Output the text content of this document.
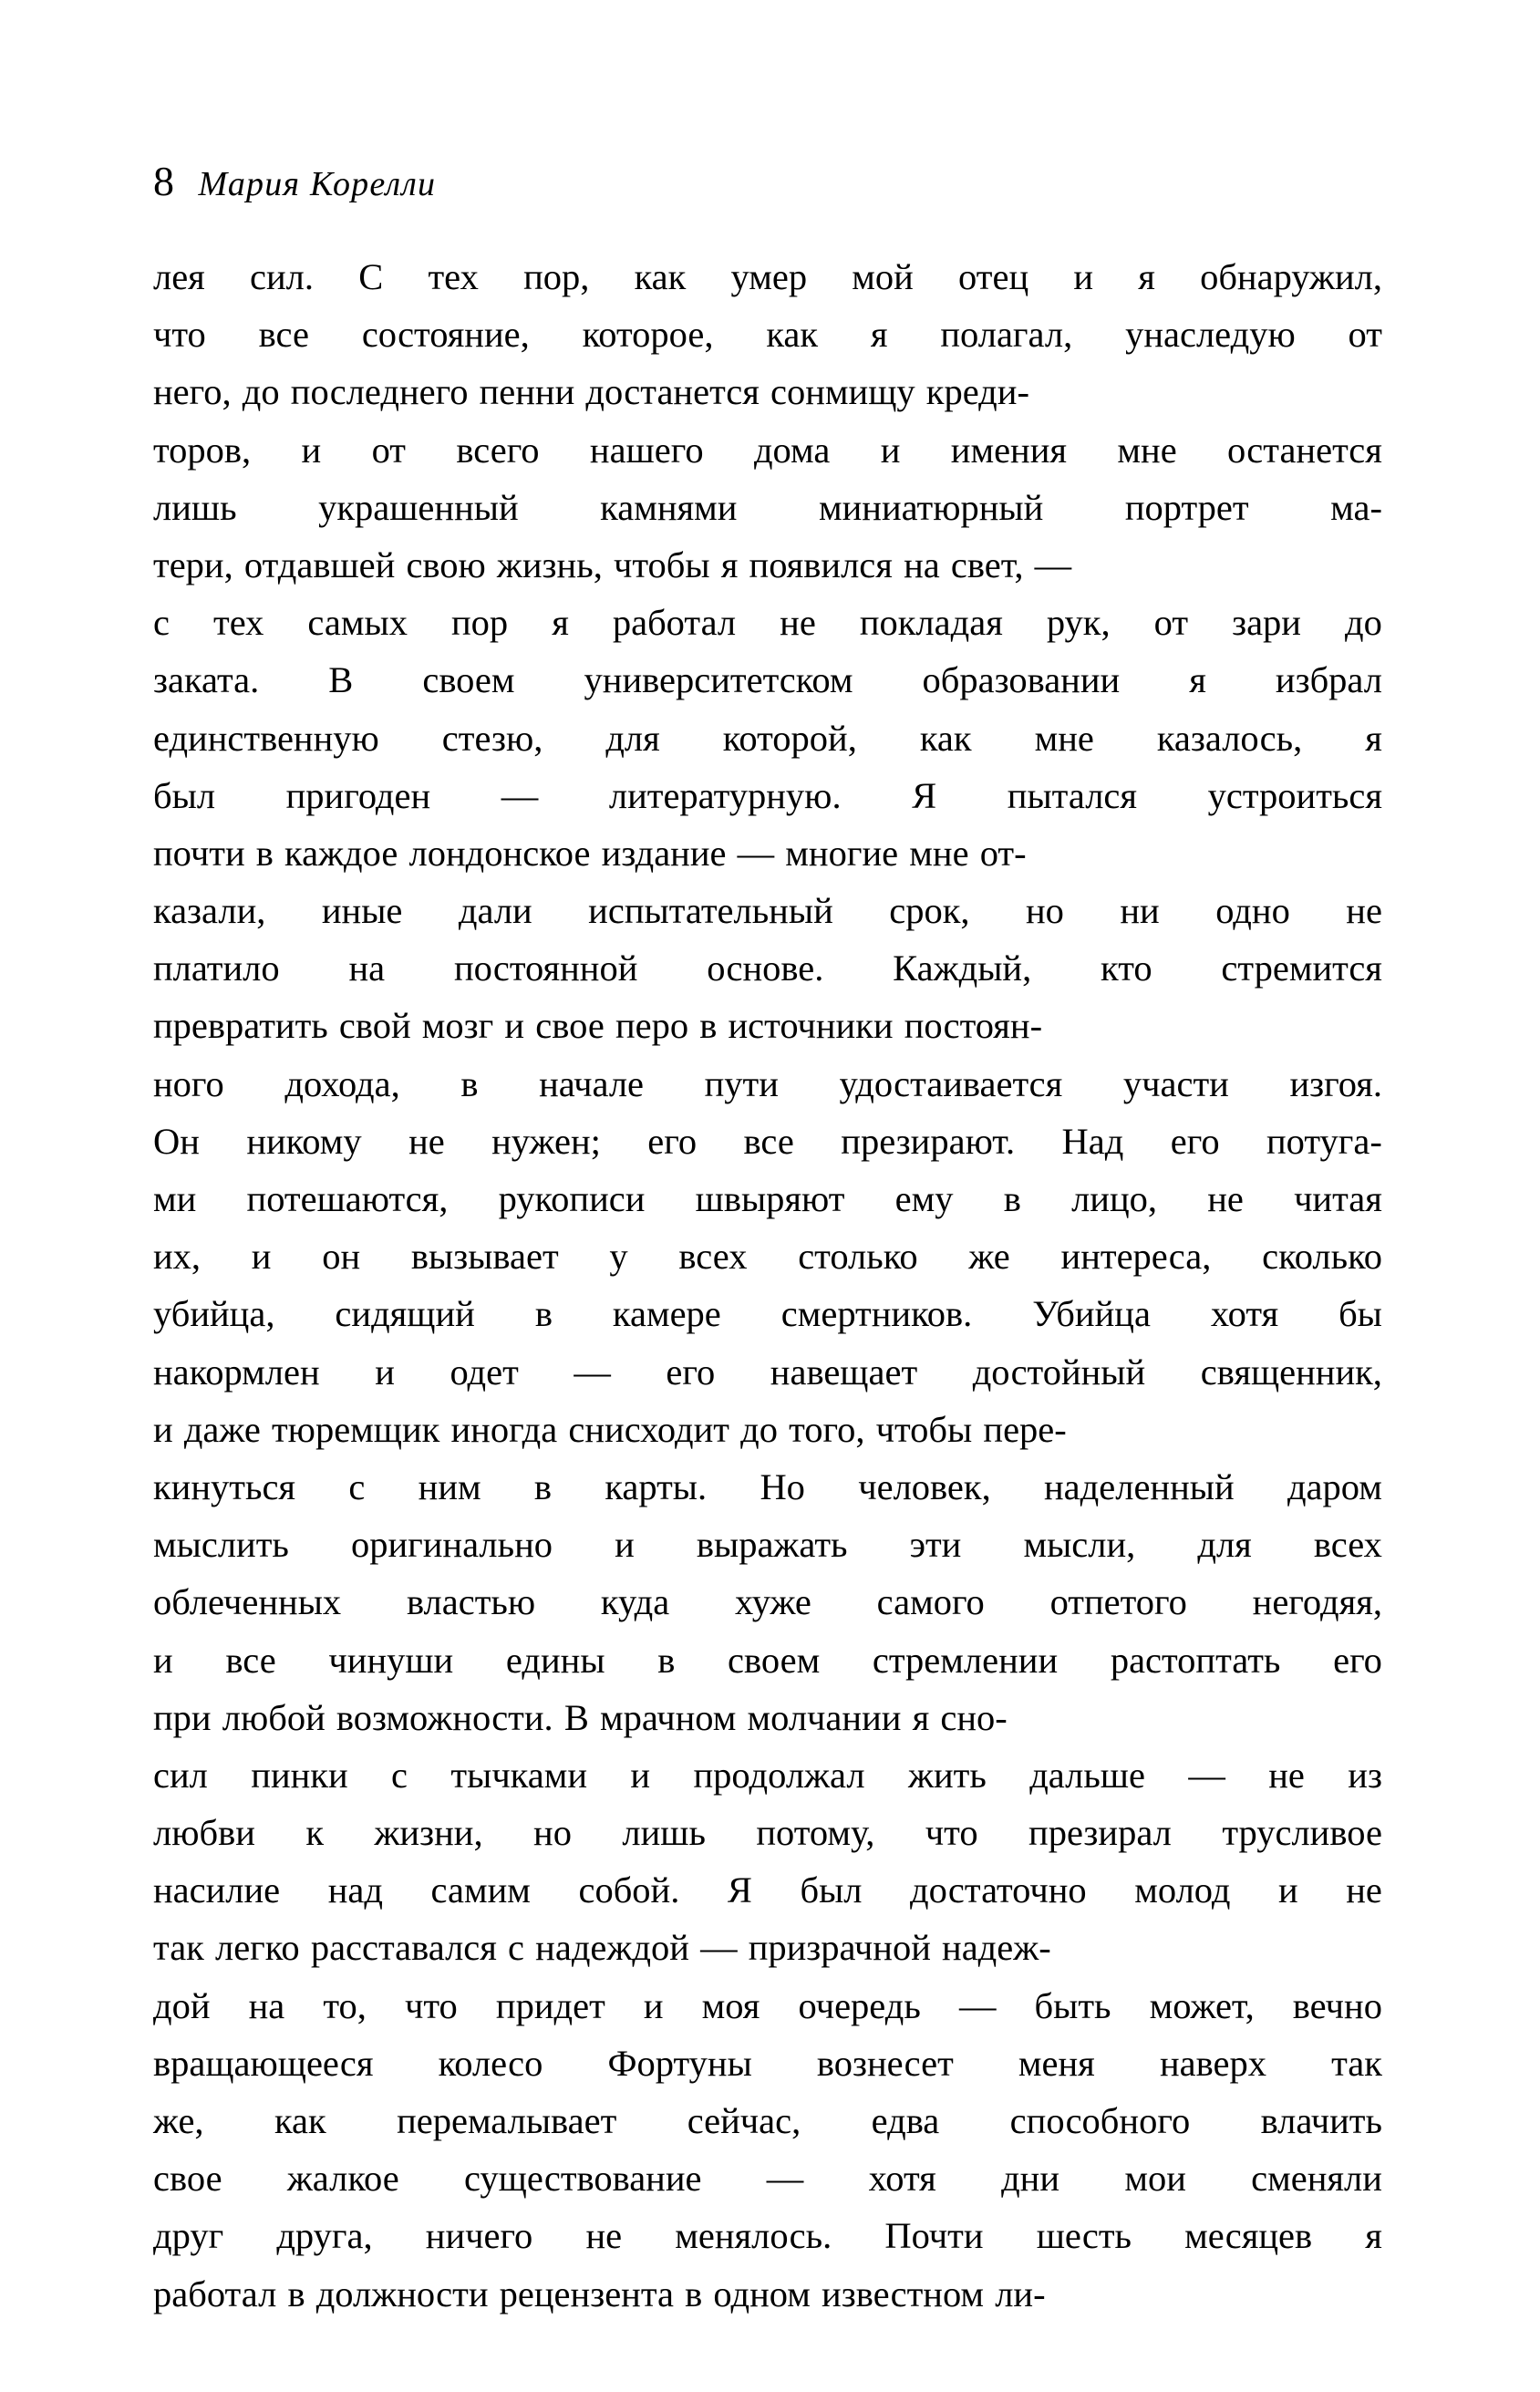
8 Мария Корелли
лея сил. С тех пор, как умер мой отец и я обнаружил,
что все состояние, которое, как я полагал, унаследую от
него, до последнего пенни достанется сонмищу креди-
торов, и от всего нашего дома и имения мне останется
лишь украшенный камнями миниатюрный портрет ма-
тери, отдавшей свою жизнь, чтобы я появился на свет, —
с тех самых пор я работал не покладая рук, от зари до
заката. В своем университетском образовании я избрал
единственную стезю, для которой, как мне казалось, я
был пригоден — литературную. Я пытался устроиться
почти в каждое лондонское издание — многие мне от-
казали, иные дали испытательный срок, но ни одно не
платило на постоянной основе. Каждый, кто стремится
превратить свой мозг и свое перо в источники постоян-
ного дохода, в начале пути удостаивается участи изгоя.
Он никому не нужен; его все презирают. Над его потуга-
ми потешаются, рукописи швыряют ему в лицо, не читая
их, и он вызывает у всех столько же интереса, сколько
убийца, сидящий в камере смертников. Убийца хотя бы
накормлен и одет — его навещает достойный священник,
и даже тюремщик иногда снисходит до того, чтобы пере-
кинуться с ним в карты. Но человек, наделенный даром
мыслить оригинально и выражать эти мысли, для всех
облеченных властью куда хуже самого отпетого негодяя,
и все чинуши едины в своем стремлении растоптать его
при любой возможности. В мрачном молчании я сно-
сил пинки с тычками и продолжал жить дальше — не из
любви к жизни, но лишь потому, что презирал трусливое
насилие над самим собой. Я был достаточно молод и не
так легко расставался с надеждой — призрачной надеж-
дой на то, что придет и моя очередь — быть может, вечно
вращающееся колесо Фортуны вознесет меня наверх так
же, как перемалывает сейчас, едва способного влачить
свое жалкое существование — хотя дни мои сменяли
друг друга, ничего не менялось. Почти шесть месяцев я
работал в должности рецензента в одном известном ли-
